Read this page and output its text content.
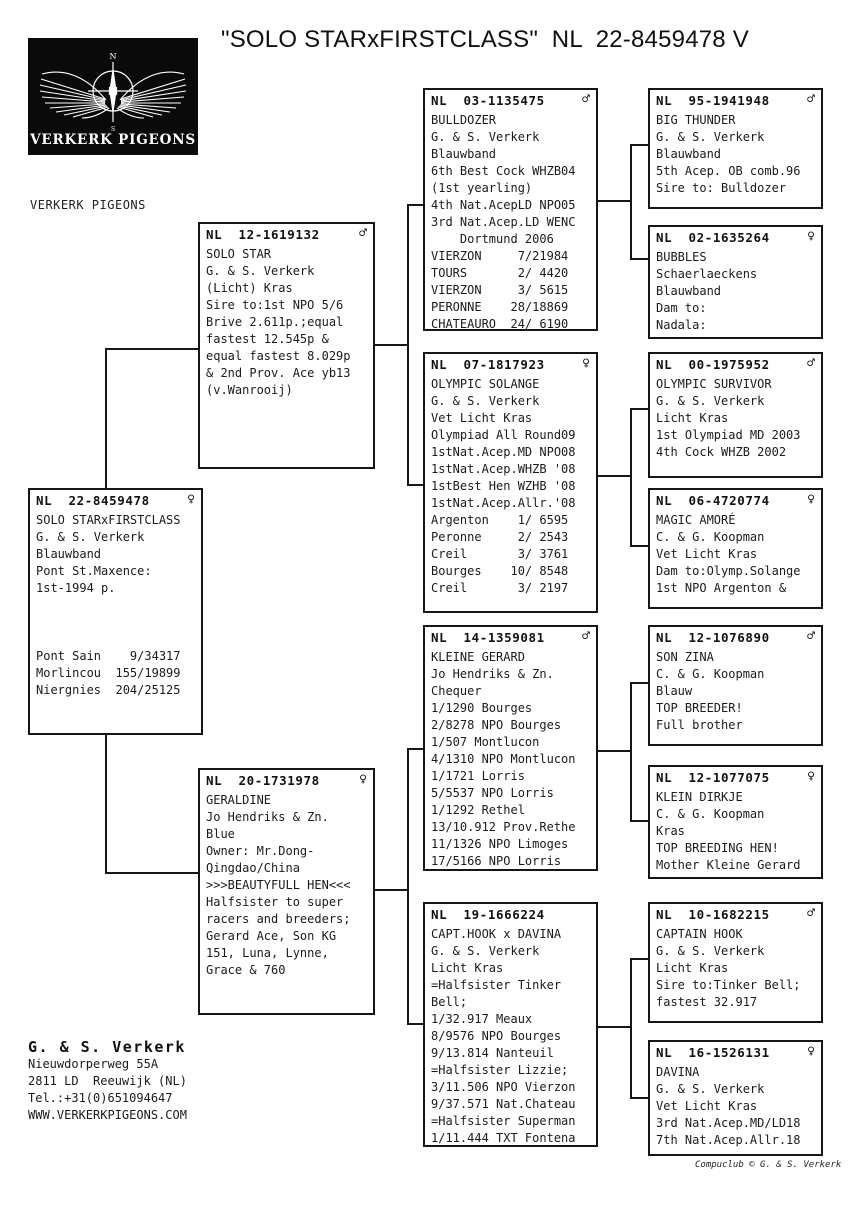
"SOLO STARxFIRSTCLASS"  NL  22-8459478 V
N
S
VERKERK PIGEONS
VERKERK PIGEONS
NL  22-8459478	♀
SOLO STARxFIRSTCLASS
G. & S. Verkerk
Blauwband
Pont St.Maxence:
1st-1994 p.

Pont Sain    9/34317
Morlincou  155/19899
Niergnies  204/25125
NL  12-1619132	♂
SOLO STAR
G. & S. Verkerk
(Licht) Kras
Sire to:1st NPO 5/6
Brive 2.611p.;equal
fastest 12.545p &
equal fastest 8.029p
& 2nd Prov. Ace yb13
(v.Wanrooij)
NL  20-1731978	♀
GERALDINE
Jo Hendriks & Zn.
Blue
Owner: Mr.Dong-
Qingdao/China
>>>BEAUTYFULL HEN<<<
Halfsister to super
racers and breeders;
Gerard Ace, Son KG
151, Luna, Lynne,
Grace & 760
NL  03-1135475	♂
BULLDOZER
G. & S. Verkerk
Blauwband
6th Best Cock WHZB04
(1st yearling)
4th Nat.AcepLD NPO05
3rd Nat.Acep.LD WENC
Dortmund 2006
VIERZON     7/21984
TOURS       2/ 4420
VIERZON     3/ 5615
PERONNE    28/18869
CHATEAURO  24/ 6190
NL  07-1817923	♀
OLYMPIC SOLANGE
G. & S. Verkerk
Vet Licht Kras
Olympiad All Round09
1stNat.Acep.MD NPO08
1stNat.Acep.WHZB '08
1stBest Hen WZHB '08
1stNat.Acep.Allr.'08
Argenton    1/ 6595
Peronne     2/ 2543
Creil       3/ 3761
Bourges    10/ 8548
Creil       3/ 2197
NL  14-1359081	♂
KLEINE GERARD
Jo Hendriks & Zn.
Chequer
1/1290 Bourges
2/8278 NPO Bourges
1/507 Montlucon
4/1310 NPO Montlucon
1/1721 Lorris
5/5537 NPO Lorris
1/1292 Rethel
13/10.912 Prov.Rethe
11/1326 NPO Limoges
17/5166 NPO Lorris
NL  19-1666224
CAPT.HOOK x DAVINA
G. & S. Verkerk
Licht Kras
=Halfsister Tinker
Bell;
1/32.917 Meaux
8/9576 NPO Bourges
9/13.814 Nanteuil
=Halfsister Lizzie;
3/11.506 NPO Vierzon
9/37.571 Nat.Chateau
=Halfsister Superman
1/11.444 TXT Fontena
NL  95-1941948	♂
BIG THUNDER
G. & S. Verkerk
Blauwband
5th Acep. OB comb.96
Sire to: Bulldozer
NL  02-1635264	♀
BUBBLES
Schaerlaeckens
Blauwband
Dam to:
Nadala:
NL  00-1975952	♂
OLYMPIC SURVIVOR
G. & S. Verkerk
Licht Kras
1st Olympiad MD 2003
4th Cock WHZB 2002
NL  06-4720774	♀
MAGIC AMORÉ
C. & G. Koopman
Vet Licht Kras
Dam to:Olymp.Solange
1st NPO Argenton &
NL  12-1076890	♂
SON ZINA
C. & G. Koopman
Blauw
TOP BREEDER!
Full brother
NL  12-1077075	♀
KLEIN DIRKJE
C. & G. Koopman
Kras
TOP BREEDING HEN!
Mother Kleine Gerard
NL  10-1682215	♂
CAPTAIN HOOK
G. & S. Verkerk
Licht Kras
Sire to:Tinker Bell;
fastest 32.917
NL  16-1526131	♀
DAVINA
G. & S. Verkerk
Vet Licht Kras
3rd Nat.Acep.MD/LD18
7th Nat.Acep.Allr.18
G. & S. Verkerk
Nieuwdorperweg 55A
2811 LD  Reeuwijk (NL)
Tel.:+31(0)651094647
WWW.VERKERKPIGEONS.COM
Compuclub © G. & S. Verkerk
